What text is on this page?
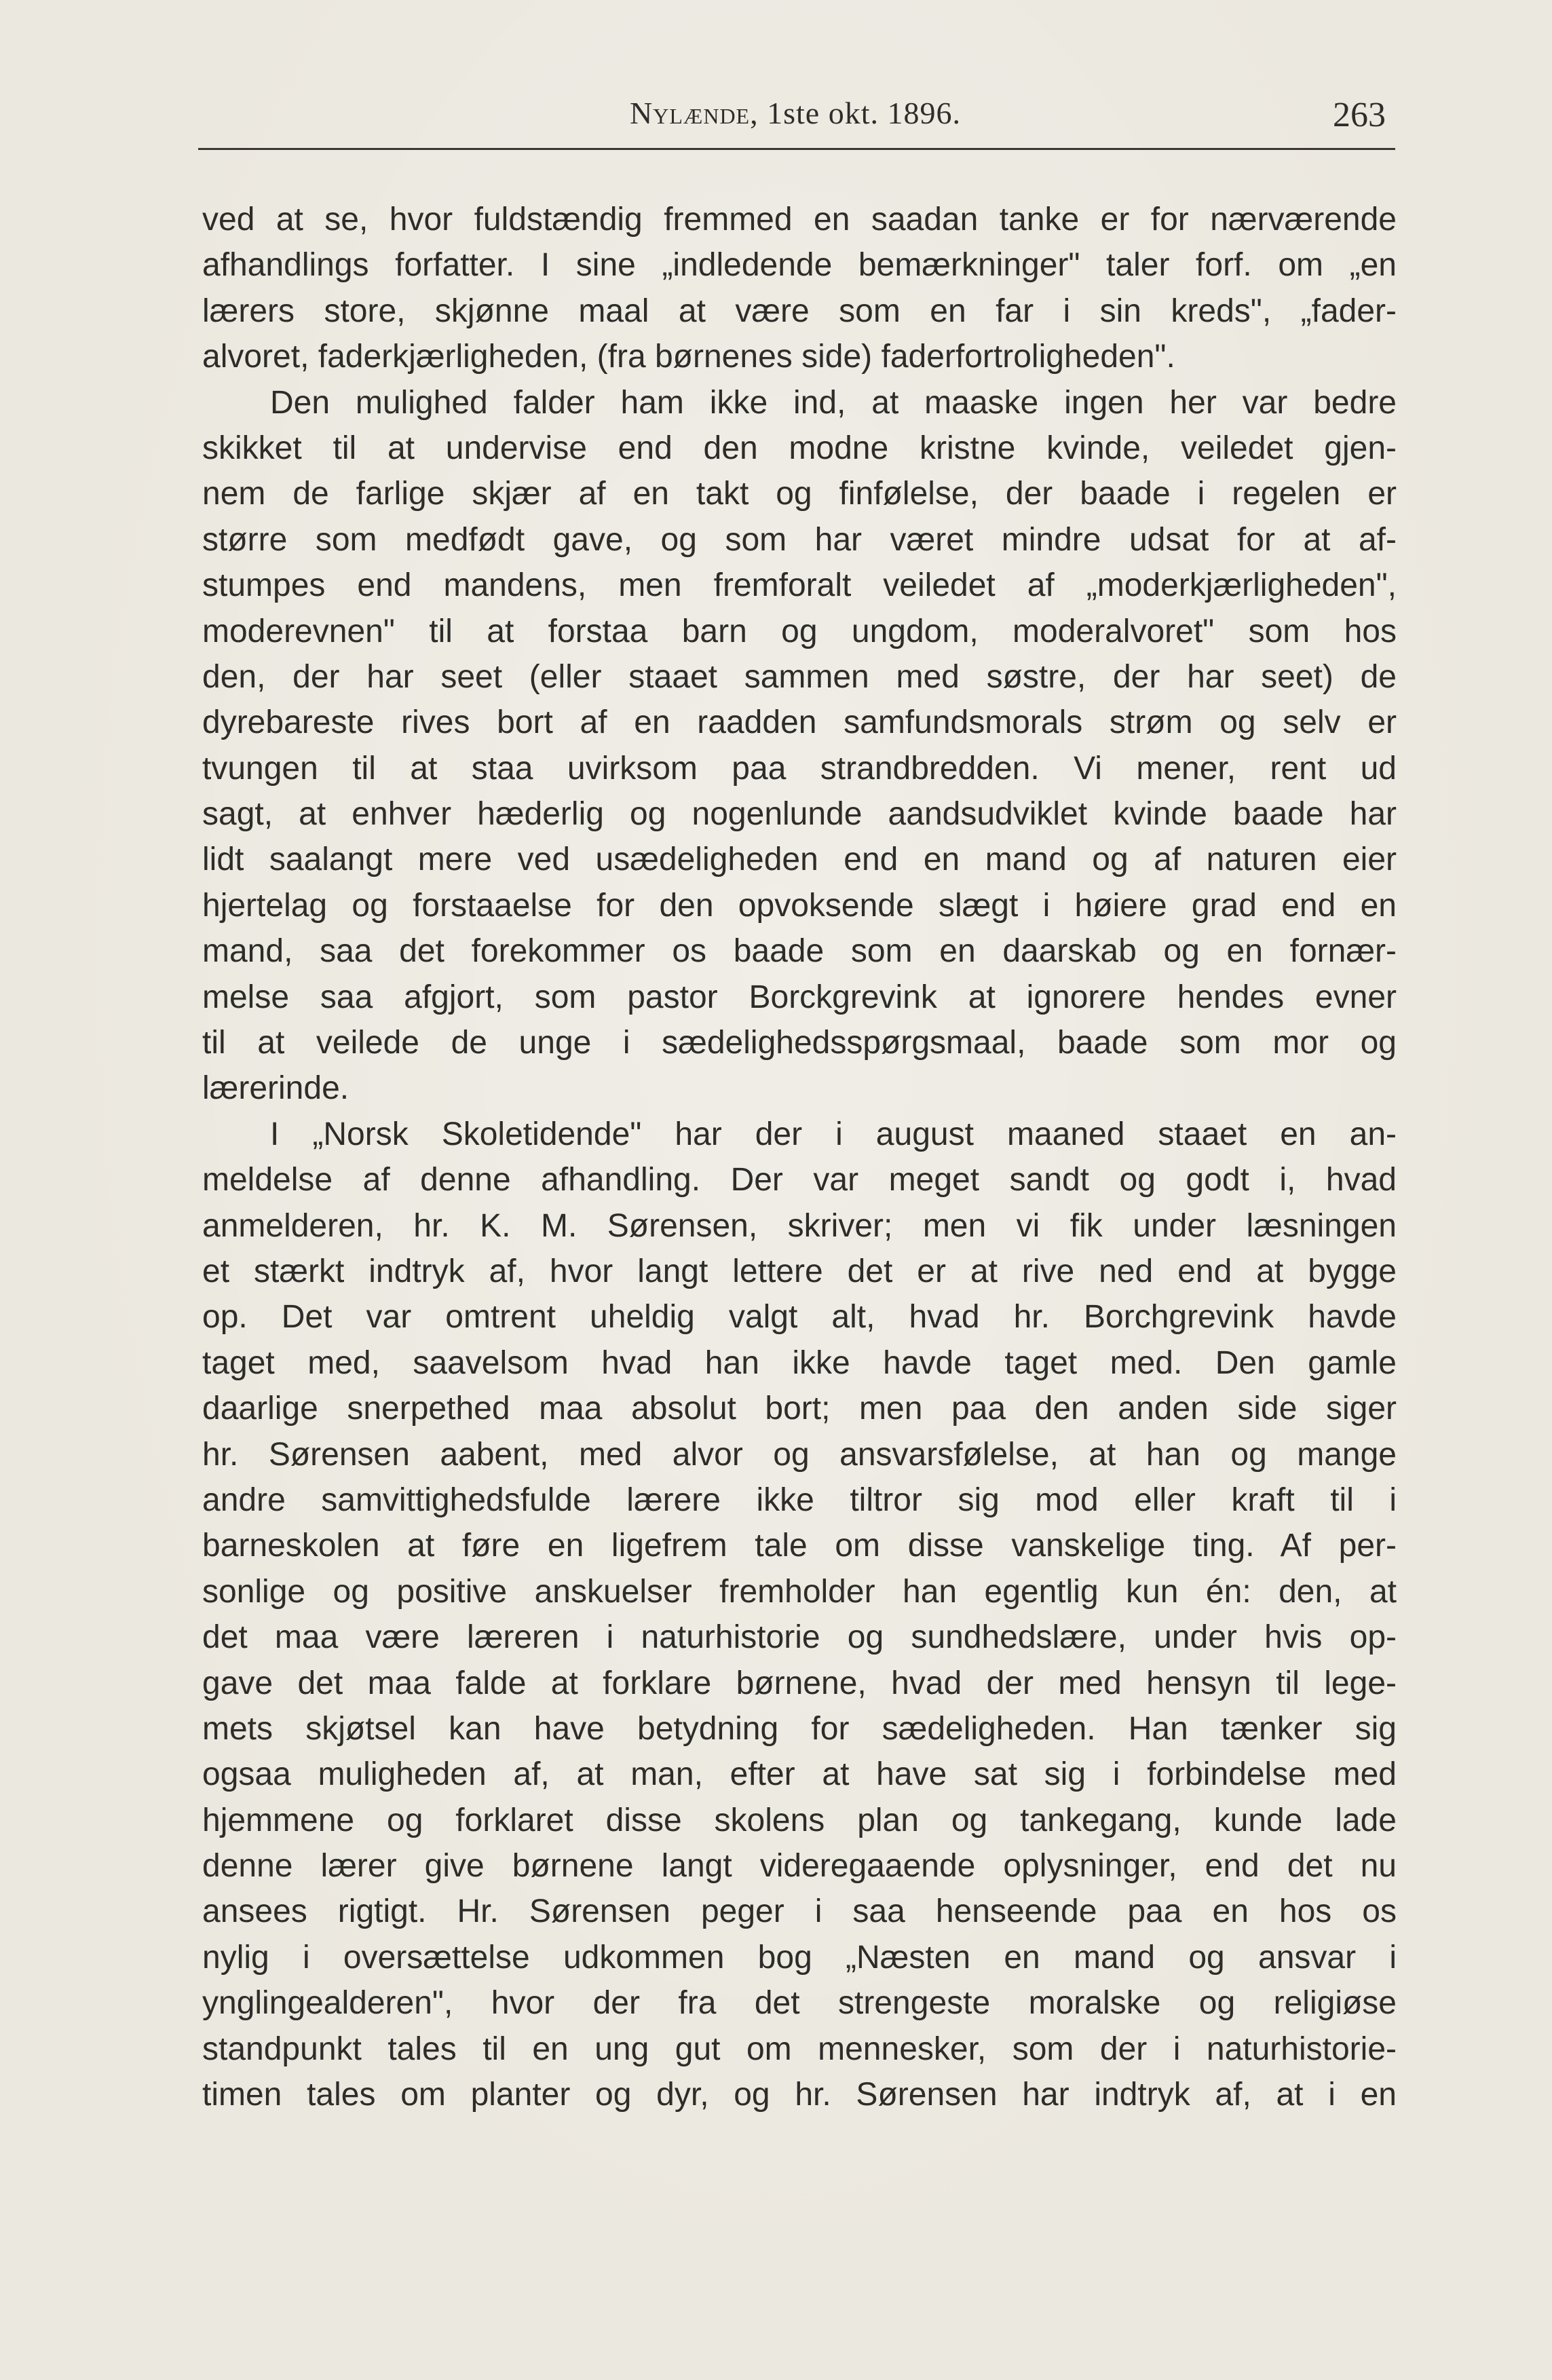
Nylænde, 1ste okt. 1896.	263
ved at se, hvor fuldstændig fremmed en saadan tanke er for nærværende
afhandlings forfatter. I sine „indledende bemærkninger" taler forf. om „en
lærers store, skjønne maal at være som en far i sin kreds", „fader-
alvoret, faderkjærligheden, (fra børnenes side) faderfortroligheden".
Den mulighed falder ham ikke ind, at maaske ingen her var bedre
skikket til at undervise end den modne kristne kvinde, veiledet gjen-
nem de farlige skjær af en takt og finfølelse, der baade i regelen er
større som medfødt gave, og som har været mindre udsat for at af-
stumpes end mandens, men fremforalt veiledet af „moderkjærligheden",
moderevnen" til at forstaa barn og ungdom, moderalvoret" som hos
den, der har seet (eller staaet sammen med søstre, der har seet) de
dyrebareste rives bort af en raadden samfundsmorals strøm og selv er
tvungen til at staa uvirksom paa strandbredden. Vi mener, rent ud
sagt, at enhver hæderlig og nogenlunde aandsudviklet kvinde baade har
lidt saalangt mere ved usædeligheden end en mand og af naturen eier
hjertelag og forstaaelse for den opvoksende slægt i høiere grad end en
mand, saa det forekommer os baade som en daarskab og en fornær-
melse saa afgjort, som pastor Borckgrevink at ignorere hendes evner
til at veilede de unge i sædelighedsspørgsmaal, baade som mor og
lærerinde.
I „Norsk Skoletidende" har der i august maaned staaet en an-
meldelse af denne afhandling. Der var meget sandt og godt i, hvad
anmelderen, hr. K. M. Sørensen, skriver; men vi fik under læsningen
et stærkt indtryk af, hvor langt lettere det er at rive ned end at bygge
op. Det var omtrent uheldig valgt alt, hvad hr. Borchgrevink havde
taget med, saavelsom hvad han ikke havde taget med. Den gamle
daarlige snerpethed maa absolut bort; men paa den anden side siger
hr. Sørensen aabent, med alvor og ansvarsfølelse, at han og mange
andre samvittighedsfulde lærere ikke tiltror sig mod eller kraft til i
barneskolen at føre en ligefrem tale om disse vanskelige ting. Af per-
sonlige og positive anskuelser fremholder han egentlig kun én: den, at
det maa være læreren i naturhistorie og sundhedslære, under hvis op-
gave det maa falde at forklare børnene, hvad der med hensyn til lege-
mets skjøtsel kan have betydning for sædeligheden. Han tænker sig
ogsaa muligheden af, at man, efter at have sat sig i forbindelse med
hjemmene og forklaret disse skolens plan og tankegang, kunde lade
denne lærer give børnene langt videregaaende oplysninger, end det nu
ansees rigtigt. Hr. Sørensen peger i saa henseende paa en hos os
nylig i oversættelse udkommen bog „Næsten en mand og ansvar i
ynglingealderen", hvor der fra det strengeste moralske og religiøse
standpunkt tales til en ung gut om mennesker, som der i naturhistorie-
timen tales om planter og dyr, og hr. Sørensen har indtryk af, at i en
